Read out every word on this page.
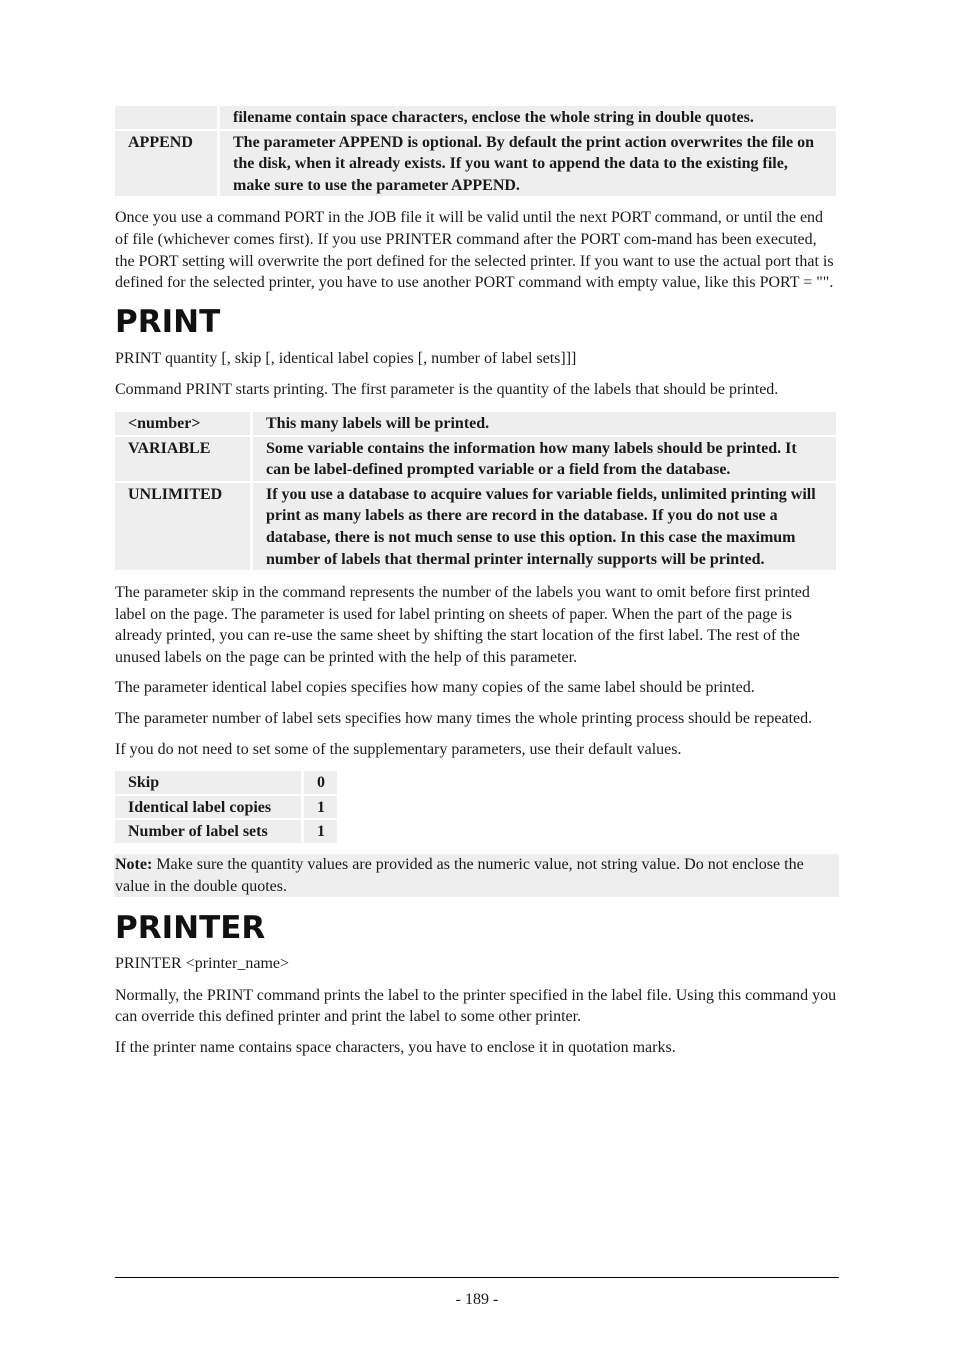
	filename contain space characters, enclose the whole string in double quotes.
APPEND	The parameter APPEND is optional. By default the print action overwrites the file on the disk, when it already exists. If you want to append the data to the existing file, make sure to use the parameter APPEND.

Once you use a command PORT in the JOB file it will be valid until the next PORT command, or until the end of file (whichever comes first). If you use PRINTER command after the PORT com-mand has been executed, the PORT setting will overwrite the port defined for the selected printer. If you want to use the actual port that is defined for the selected printer, you have to use another PORT command with empty value, like this PORT = "".

PRINT

PRINT quantity [, skip [, identical label copies [, number of label sets]]]

Command PRINT starts printing. The first parameter is the quantity of the labels that should be printed.

<number>	This many labels will be printed.
VARIABLE	Some variable contains the information how many labels should be printed. It can be label-defined prompted variable or a field from the database.
UNLIMITED	If you use a database to acquire values for variable fields, unlimited printing will print as many labels as there are record in the database. If you do not use a database, there is not much sense to use this option. In this case the maximum number of labels that thermal printer internally supports will be printed.

The parameter skip in the command represents the number of the labels you want to omit before first printed label on the page. The parameter is used for label printing on sheets of paper. When the part of the page is already printed, you can re-use the same sheet by shifting the start location of the first label. The rest of the unused labels on the page can be printed with the help of this parameter.

The parameter identical label copies specifies how many copies of the same label should be printed.

The parameter number of label sets specifies how many times the whole printing process should be repeated.

If you do not need to set some of the supplementary parameters, use their default values.

Skip	0
Identical label copies	1
Number of label sets	1

Note: Make sure the quantity values are provided as the numeric value, not string value. Do not enclose the value in the double quotes.

PRINTER

PRINTER <printer_name>

Normally, the PRINT command prints the label to the printer specified in the label file. Using this command you can override this defined printer and print the label to some other printer.

If the printer name contains space characters, you have to enclose it in quotation marks.

- 189 -
